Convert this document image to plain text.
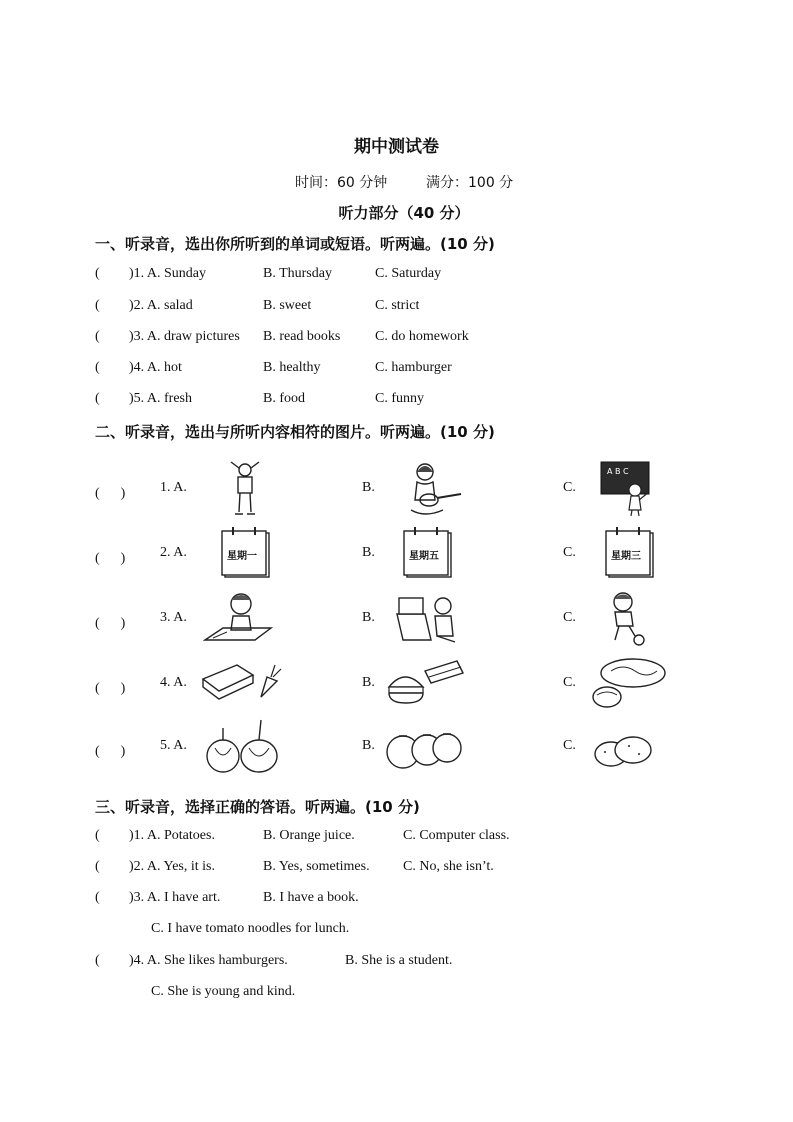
期中测试卷
时间：60 分钟	满分：100 分
听力部分（40 分）
一、听录音，选出你所听到的单词或短语。听两遍。(10 分)
( )1. A. Sunday	B. Thursday	C. Saturday
( )2. A. salad	B. sweet	C. strict
( )3. A. draw pictures B. read books C. do homework
( )4. A. hot	B. healthy	C. hamburger
( )5. A. fresh	B. food	C. funny
二、听录音，选出与所听内容相符的图片。听两遍。(10 分)
( ) 1. A.	B.	C.
A B C
( ) 2. A.	星期一	B.	星期五	C.	星期三
( ) 3. A.	B.	C.
( ) 4. A.	B.	C.
( ) 5. A.	B.	C.
三、听录音，选择正确的答语。听两遍。(10 分)
( )1. A. Potatoes.	B. Orange juice.	C. Computer class.
( )2. A. Yes, it is.	B. Yes, sometimes. C. No, she isn’t.
( )3. A. I have art.	B. I have a book.
C. I have tomato noodles for lunch.
( )4. A. She likes hamburgers.	B. She is a student.
C. She is young and kind.
